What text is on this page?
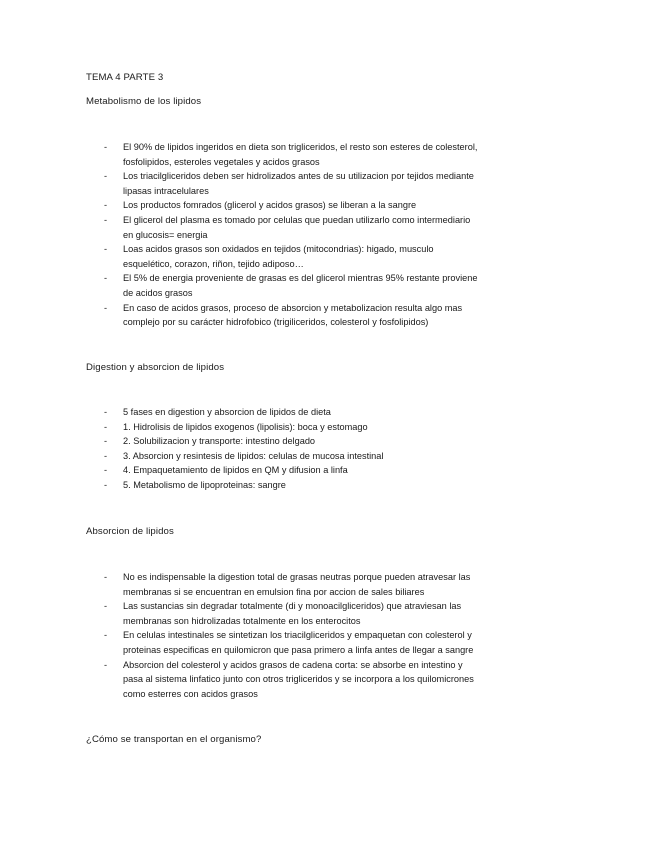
TEMA 4 PARTE 3
Metabolismo de los lipidos
- El 90% de lipidos ingeridos en dieta son trigliceridos, el resto son esteres de colesterol,
fosfolipidos, esteroles vegetales y acidos grasos
- Los triacilgliceridos deben ser hidrolizados antes de su utilizacion por tejidos mediante
lipasas intracelulares
- Los productos fomrados (glicerol y acidos grasos) se liberan a la sangre
- El glicerol del plasma es tomado por celulas que puedan utilizarlo como intermediario
en glucosis= energia
- Loas acidos grasos son oxidados en tejidos (mitocondrias): higado, musculo
esquelético, corazon, riñon, tejido adiposo…
- El 5% de energia proveniente de grasas es del glicerol mientras 95% restante proviene
de acidos grasos
- En caso de acidos grasos, proceso de absorcion y metabolizacion resulta algo mas
complejo por su carácter hidrofobico (trigiliceridos, colesterol y fosfolipidos)
Digestion y absorcion de lipidos
- 5 fases en digestion y absorcion de lipidos de dieta
- 1. Hidrolisis de lipidos exogenos (lipolisis): boca y estomago
- 2. Solubilizacion y transporte: intestino delgado
- 3. Absorcion y resintesis de lipidos: celulas de mucosa intestinal
- 4. Empaquetamiento de lipidos en QM y difusion a linfa
- 5. Metabolismo de lipoproteinas: sangre
Absorcion de lipidos
- No es indispensable la digestion total de grasas neutras porque pueden atravesar las
membranas si se encuentran en emulsion fina por accion de sales biliares
- Las sustancias sin degradar totalmente (di y monoacilgliceridos) que atraviesan las
membranas son hidrolizadas totalmente en los enterocitos
- En celulas intestinales se sintetizan los triacilgliceridos y empaquetan con colesterol y
proteinas especificas en quilomicron que pasa primero a linfa antes de llegar a sangre
- Absorcion del colesterol y acidos grasos de cadena corta: se absorbe en intestino y
pasa al sistema linfatico junto con otros trigliceridos y se incorpora a los quilomicrones
como esterres con acidos grasos
¿Cómo se transportan en el organismo?
